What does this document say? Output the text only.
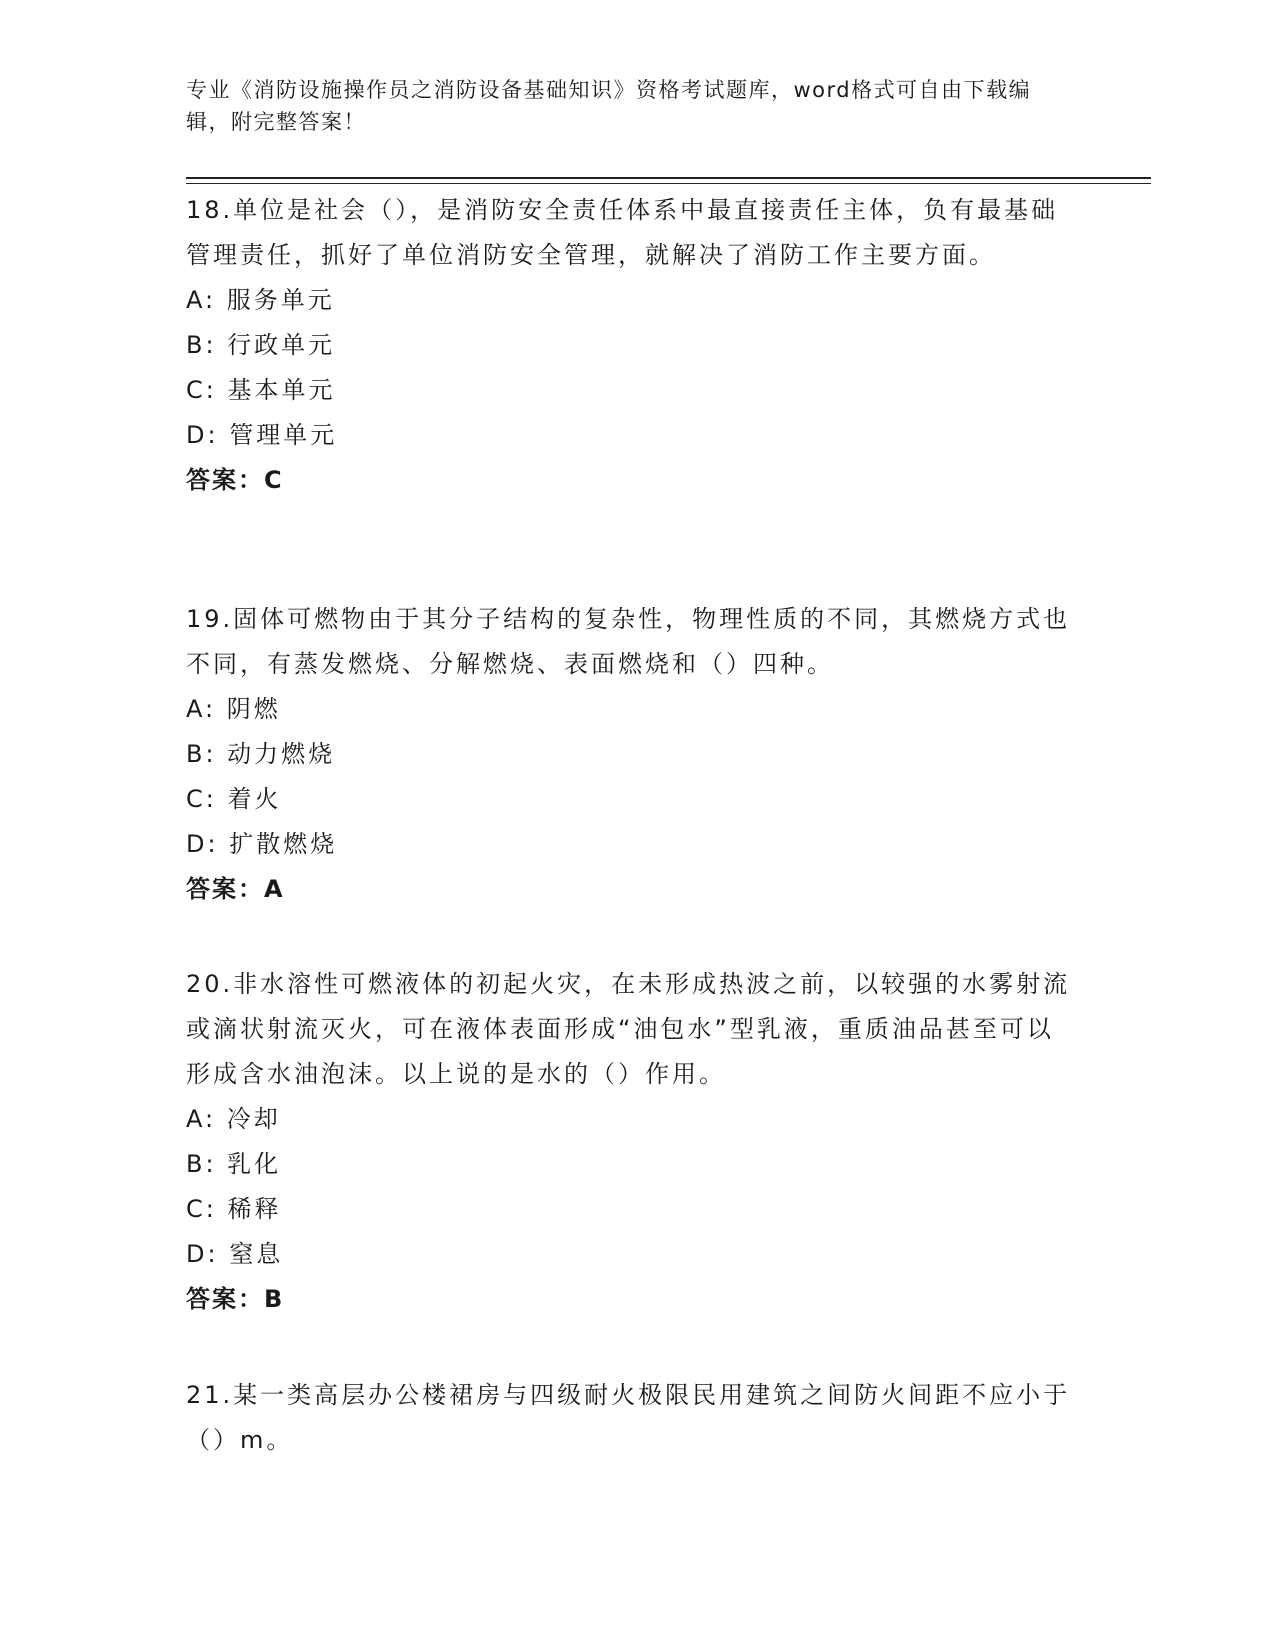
专业《消防设施操作员之消防设备基础知识》资格考试题库，word格式可自由下载编辑，附完整答案！

18.单位是社会（），是消防安全责任体系中最直接责任主体，负有最基础管理责任，抓好了单位消防安全管理，就解决了消防工作主要方面。

A: 服务单元

B: 行政单元

C: 基本单元

D: 管理单元

答案：C

19.固体可燃物由于其分子结构的复杂性，物理性质的不同，其燃烧方式也不同，有蒸发燃烧、分解燃烧、表面燃烧和（）四种。

A: 阴燃

B: 动力燃烧

C: 着火

D: 扩散燃烧

答案：A

20.非水溶性可燃液体的初起火灾，在未形成热波之前，以较强的水雾射流或滴状射流灭火，可在液体表面形成“油包水”型乳液，重质油品甚至可以形成含水油泡沫。以上说的是水的（）作用。

A: 冷却

B: 乳化

C: 稀释

D: 窒息

答案：B

21.某一类高层办公楼裙房与四级耐火极限民用建筑之间防火间距不应小于（）m。
